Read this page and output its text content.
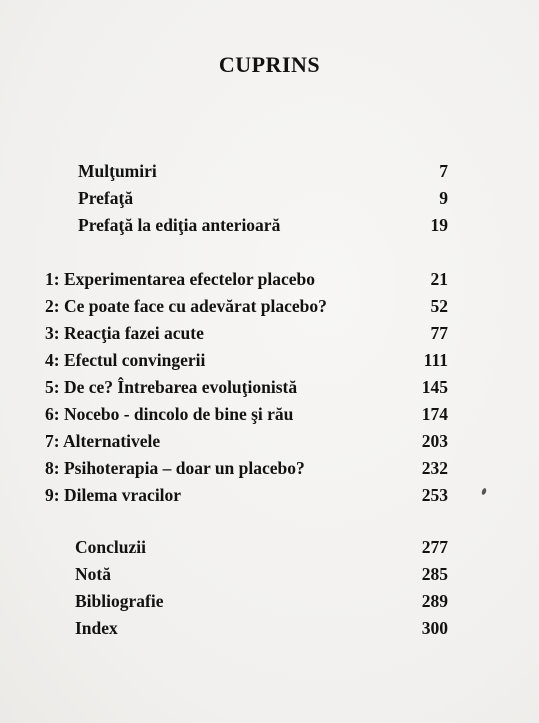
CUPRINS
Mulţumiri	7
Prefaţă	9
Prefaţă la ediţia anterioară	19
1: Experimentarea efectelor placebo	21
2: Ce poate face cu adevărat placebo?	52
3: Reacţia fazei acute	77
4: Efectul convingerii	111
5: De ce? Întrebarea evoluţionistă	145
6: Nocebo - dincolo de bine şi rău	174
7: Alternativele	203
8: Psihoterapia – doar un placebo?	232
9: Dilema vracilor	253
Concluzii	277
Notă	285
Bibliografie	289
Index	300
